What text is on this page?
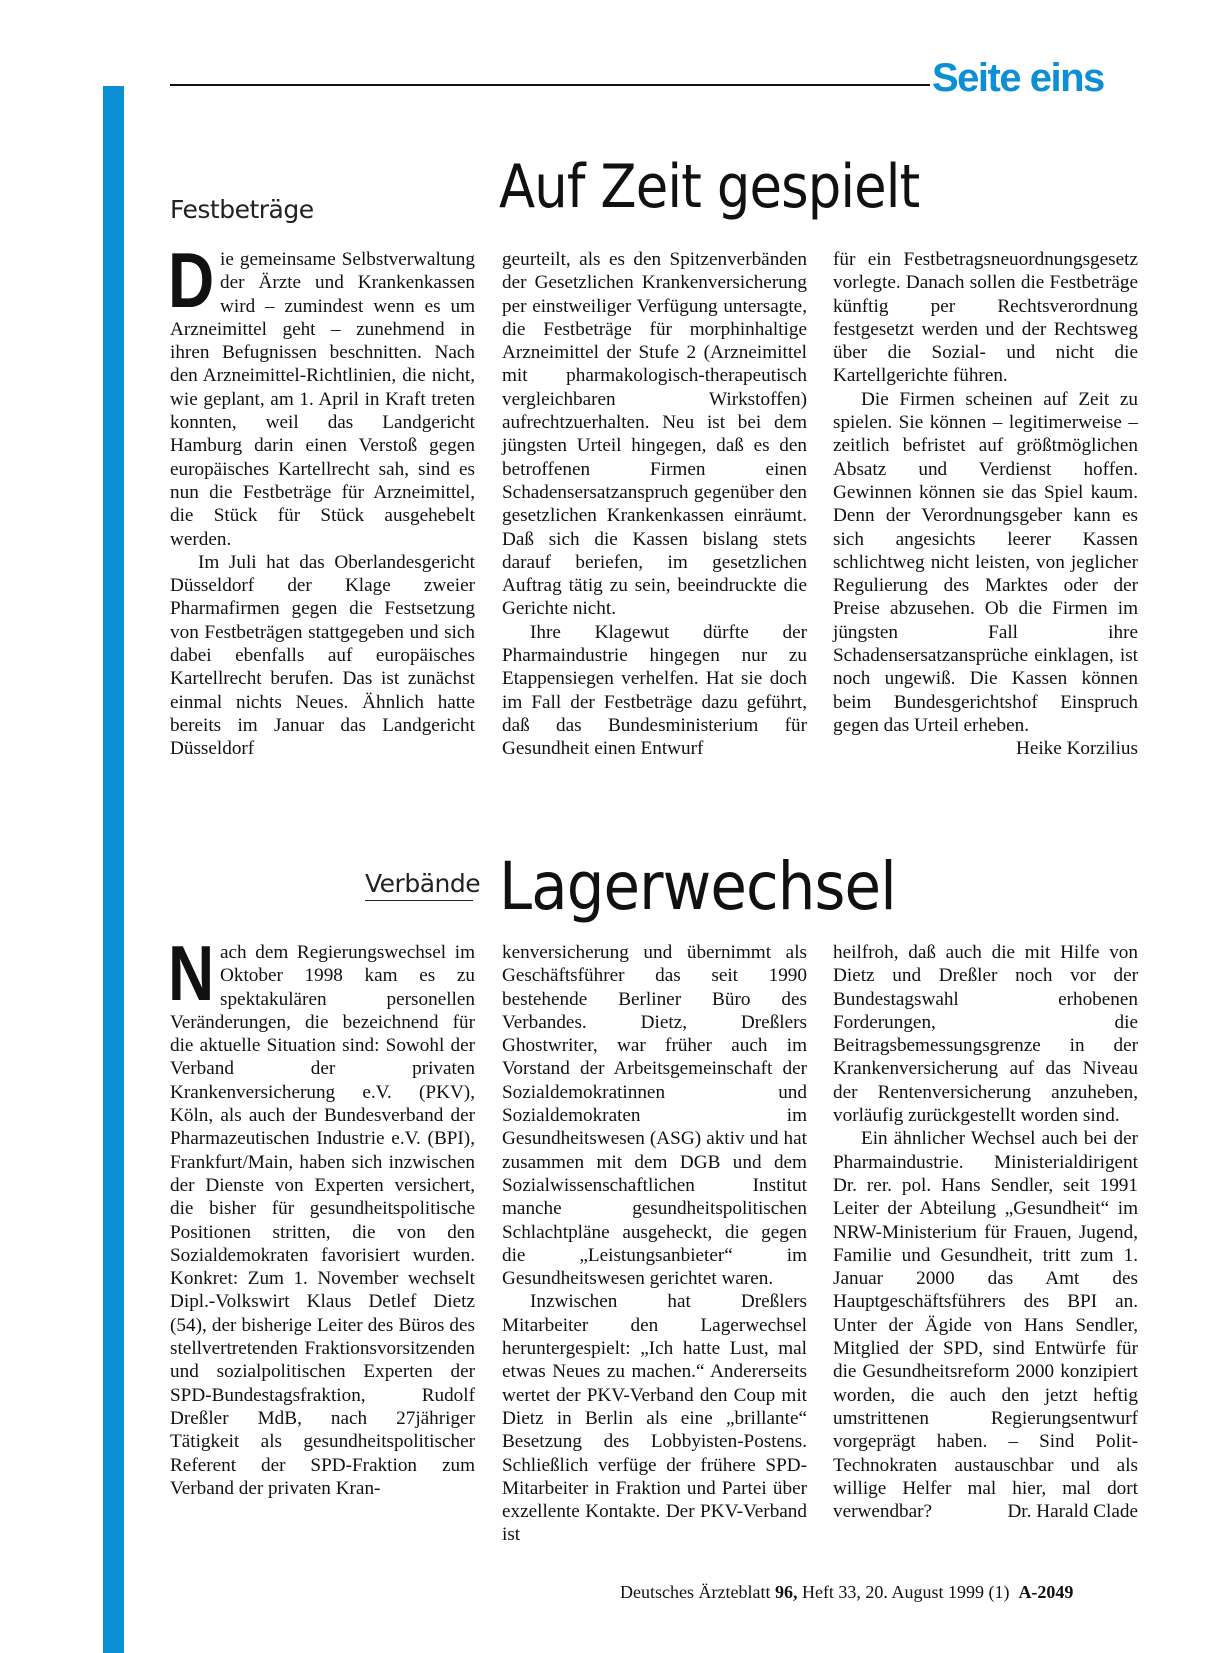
Seite eins
Festbeträge	Auf Zeit gespielt

Die gemeinsame Selbstverwaltung der Ärzte und Krankenkassen wird – zumindest wenn es um Arzneimittel geht – zunehmend in ihren Befugnissen beschnitten. Nach den Arzneimittel-Richtlinien, die nicht, wie geplant, am 1. April in Kraft treten konnten, weil das Landgericht Hamburg darin einen Verstoß gegen europäisches Kartellrecht sah, sind es nun die Festbeträge für Arzneimittel, die Stück für Stück ausgehebelt werden.

Im Juli hat das Oberlandesgericht Düsseldorf der Klage zweier Pharmafirmen gegen die Festsetzung von Festbeträgen stattgegeben und sich dabei ebenfalls auf europäisches Kartellrecht berufen. Das ist zunächst einmal nichts Neues. Ähnlich hatte bereits im Januar das Landgericht Düsseldorf

geurteilt, als es den Spitzenverbänden der Gesetzlichen Krankenversicherung per einstweiliger Verfügung untersagte, die Festbeträge für morphinhaltige Arzneimittel der Stufe 2 (Arzneimittel mit pharmakologisch-therapeutisch vergleichbaren Wirkstoffen) aufrechtzuerhalten. Neu ist bei dem jüngsten Urteil hingegen, daß es den betroffenen Firmen einen Schadensersatzanspruch gegenüber den gesetzlichen Krankenkassen einräumt. Daß sich die Kassen bislang stets darauf beriefen, im gesetzlichen Auftrag tätig zu sein, beeindruckte die Gerichte nicht.

Ihre Klagewut dürfte der Pharmaindustrie hingegen nur zu Etappensiegen verhelfen. Hat sie doch im Fall der Festbeträge dazu geführt, daß das Bundesministerium für Gesundheit einen Entwurf

für ein Festbetragsneuordnungsgesetz vorlegte. Danach sollen die Festbeträge künftig per Rechtsverordnung festgesetzt werden und der Rechtsweg über die Sozial- und nicht die Kartellgerichte führen.

Die Firmen scheinen auf Zeit zu spielen. Sie können – legitimerweise – zeitlich befristet auf größtmöglichen Absatz und Verdienst hoffen. Gewinnen können sie das Spiel kaum. Denn der Verordnungsgeber kann es sich angesichts leerer Kassen schlichtweg nicht leisten, von jeglicher Regulierung des Marktes oder der Preise abzusehen. Ob die Firmen im jüngsten Fall ihre Schadensersatzansprüche einklagen, ist noch ungewiß. Die Kassen können beim Bundesgerichtshof Einspruch gegen das Urteil erheben.
Heike Korzilius

Verbände Lagerwechsel

Nach dem Regierungswechsel im Oktober 1998 kam es zu spektakulären personellen Veränderungen, die bezeichnend für die aktuelle Situation sind: Sowohl der Verband der privaten Krankenversicherung e.V. (PKV), Köln, als auch der Bundesverband der Pharmazeutischen Industrie e.V. (BPI), Frankfurt/Main, haben sich inzwischen der Dienste von Experten versichert, die bisher für gesundheitspolitische Positionen stritten, die von den Sozialdemokraten favorisiert wurden. Konkret: Zum 1. November wechselt Dipl.-Volkswirt Klaus Detlef Dietz (54), der bisherige Leiter des Büros des stellvertretenden Fraktionsvorsitzenden und sozialpolitischen Experten der SPD-Bundestagsfraktion, Rudolf Dreßler MdB, nach 27jähriger Tätigkeit als gesundheitspolitischer Referent der SPD-Fraktion zum Verband der privaten Kran-

kenversicherung und übernimmt als Geschäftsführer das seit 1990 bestehende Berliner Büro des Verbandes. Dietz, Dreßlers Ghostwriter, war früher auch im Vorstand der Arbeitsgemeinschaft der Sozialdemokratinnen und Sozialdemokraten im Gesundheitswesen (ASG) aktiv und hat zusammen mit dem DGB und dem Sozialwissenschaftlichen Institut manche gesundheitspolitischen Schlachtpläne ausgeheckt, die gegen die „Leistungsanbieter“ im Gesundheitswesen gerichtet waren.

Inzwischen hat Dreßlers Mitarbeiter den Lagerwechsel heruntergespielt: „Ich hatte Lust, mal etwas Neues zu machen.“ Andererseits wertet der PKV-Verband den Coup mit Dietz in Berlin als eine „brillante“ Besetzung des Lobbyisten-Postens. Schließlich verfüge der frühere SPD-Mitarbeiter in Fraktion und Partei über exzellente Kontakte. Der PKV-Verband ist

heilfroh, daß auch die mit Hilfe von Dietz und Dreßler noch vor der Bundestagswahl erhobenen Forderungen, die Beitragsbemessungsgrenze in der Krankenversicherung auf das Niveau der Rentenversicherung anzuheben, vorläufig zurückgestellt worden sind.

Ein ähnlicher Wechsel auch bei der Pharmaindustrie. Ministerialdirigent Dr. rer. pol. Hans Sendler, seit 1991 Leiter der Abteilung „Gesundheit“ im NRW-Ministerium für Frauen, Jugend, Familie und Gesundheit, tritt zum 1. Januar 2000 das Amt des Hauptgeschäftsführers des BPI an. Unter der Ägide von Hans Sendler, Mitglied der SPD, sind Entwürfe für die Gesundheitsreform 2000 konzipiert worden, die auch den jetzt heftig umstrittenen Regierungsentwurf vorgeprägt haben. – Sind Polit-Technokraten austauschbar und als willige Helfer mal hier, mal dort verwendbar?	Dr. Harald Clade

Deutsches Ärzteblatt 96, Heft 33, 20. August 1999 (1) A-2049
